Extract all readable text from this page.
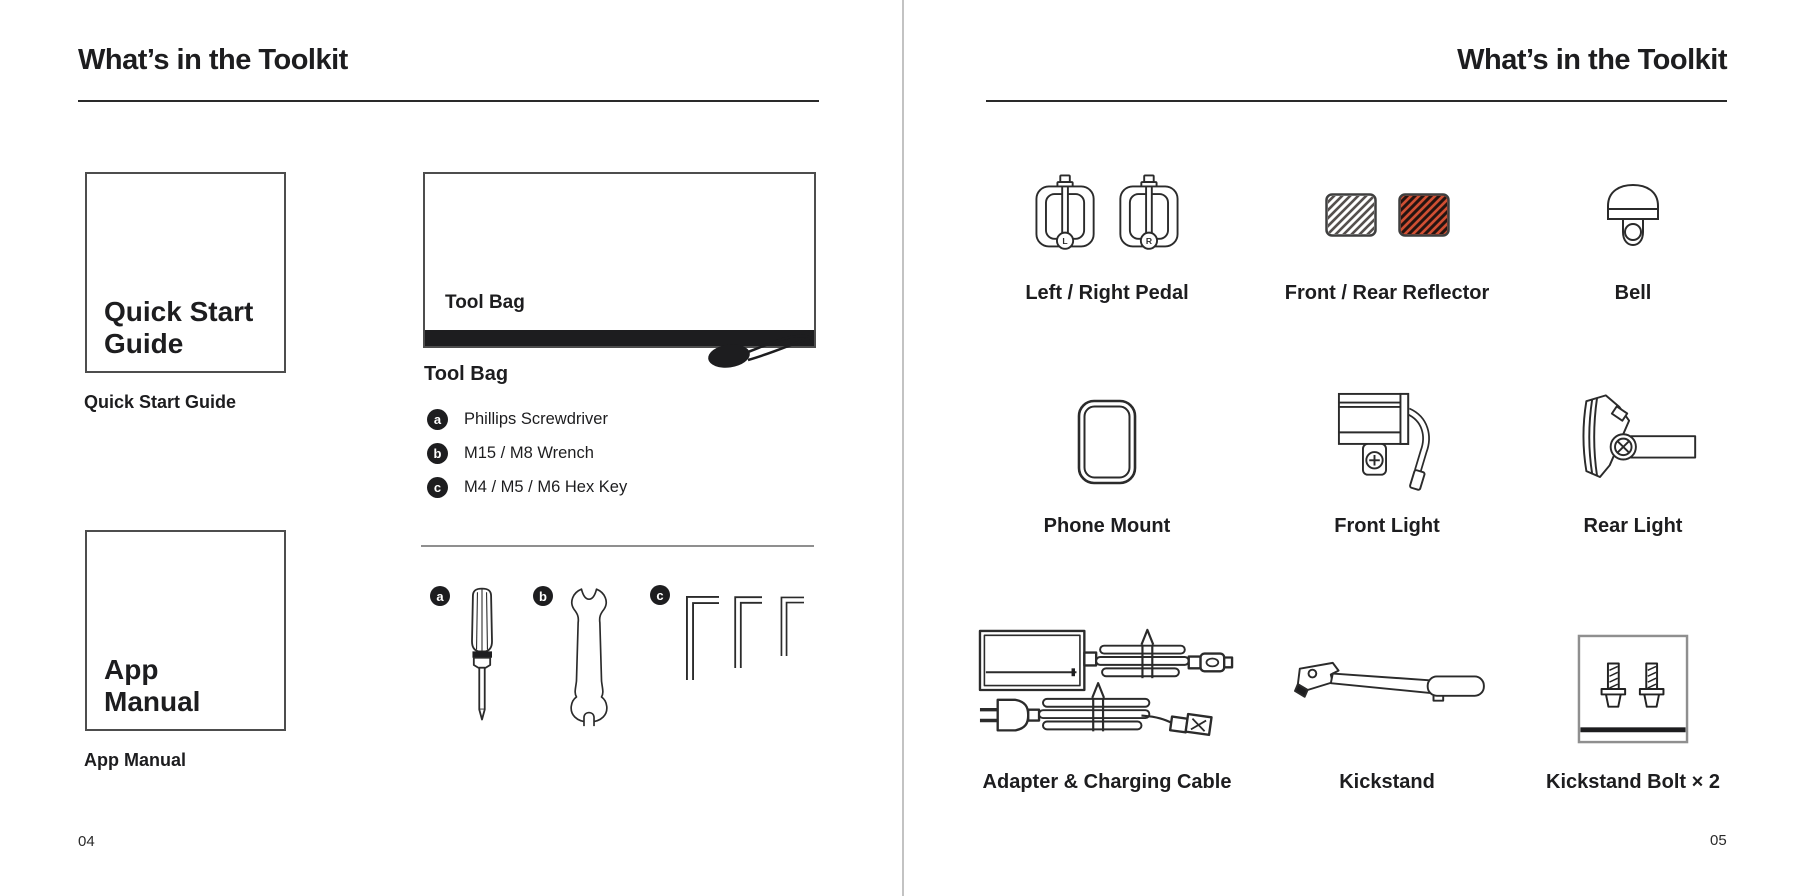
What’s in the Toolkit
Quick Start
Guide
Quick Start Guide
Tool Bag
Tool Bag
a	Phillips Screwdriver
b	M15 / M8 Wrench
c	M4 / M5 / M6 Hex Key
a	b	c
App
Manual
App Manual
04
What’s in the Toolkit
L	R
Left / Right Pedal	Front / Rear Reflector	Bell
Phone Mount	Front Light	Rear Light
Adapter & Charging Cable	Kickstand	Kickstand Bolt × 2
05
